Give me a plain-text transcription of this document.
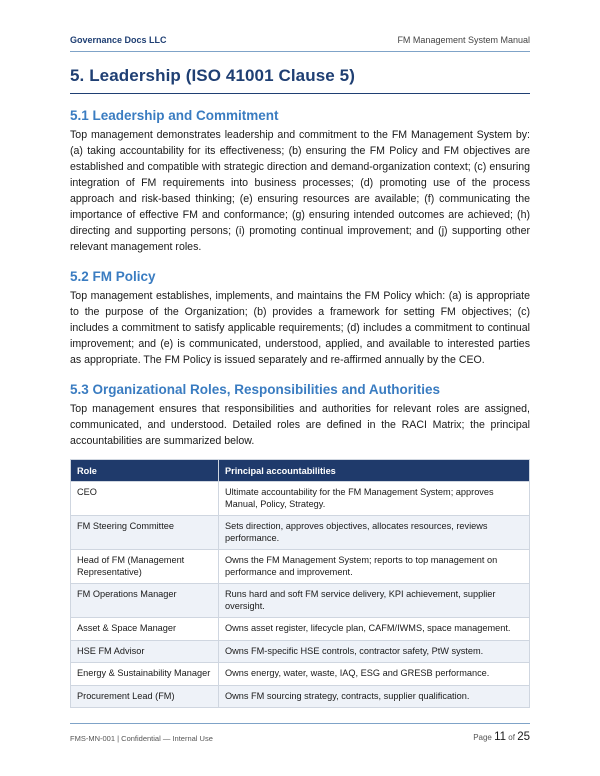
Governance Docs LLC	FM Management System Manual
5. Leadership (ISO 41001 Clause 5)
5.1 Leadership and Commitment
Top management demonstrates leadership and commitment to the FM Management System by: (a) taking accountability for its effectiveness; (b) ensuring the FM Policy and FM objectives are established and compatible with strategic direction and demand-organization context; (c) ensuring integration of FM requirements into business processes; (d) promoting use of the process approach and risk-based thinking; (e) ensuring resources are available; (f) communicating the importance of effective FM and conformance; (g) ensuring intended outcomes are achieved; (h) directing and supporting persons; (i) promoting continual improvement; and (j) supporting other relevant management roles.
5.2 FM Policy
Top management establishes, implements, and maintains the FM Policy which: (a) is appropriate to the purpose of the Organization; (b) provides a framework for setting FM objectives; (c) includes a commitment to satisfy applicable requirements; (d) includes a commitment to continual improvement; and (e) is communicated, understood, applied, and available to interested parties as appropriate. The FM Policy is issued separately and re-affirmed annually by the CEO.
5.3 Organizational Roles, Responsibilities and Authorities
Top management ensures that responsibilities and authorities for relevant roles are assigned, communicated, and understood. Detailed roles are defined in the RACI Matrix; the principal accountabilities are summarized below.
Role	Principal accountabilities
CEO	Ultimate accountability for the FM Management System; approves Manual, Policy, Strategy.
FM Steering Committee	Sets direction, approves objectives, allocates resources, reviews performance.
Head of FM (Management Representative)	Owns the FM Management System; reports to top management on performance and improvement.
FM Operations Manager	Runs hard and soft FM service delivery, KPI achievement, supplier oversight.
Asset & Space Manager	Owns asset register, lifecycle plan, CAFM/IWMS, space management.
HSE FM Advisor	Owns FM-specific HSE controls, contractor safety, PtW system.
Energy & Sustainability Manager	Owns energy, water, waste, IAQ, ESG and GRESB performance.
Procurement Lead (FM)	Owns FM sourcing strategy, contracts, supplier qualification.
FMS-MN-001 | Confidential — Internal Use	Page 11 of 25
